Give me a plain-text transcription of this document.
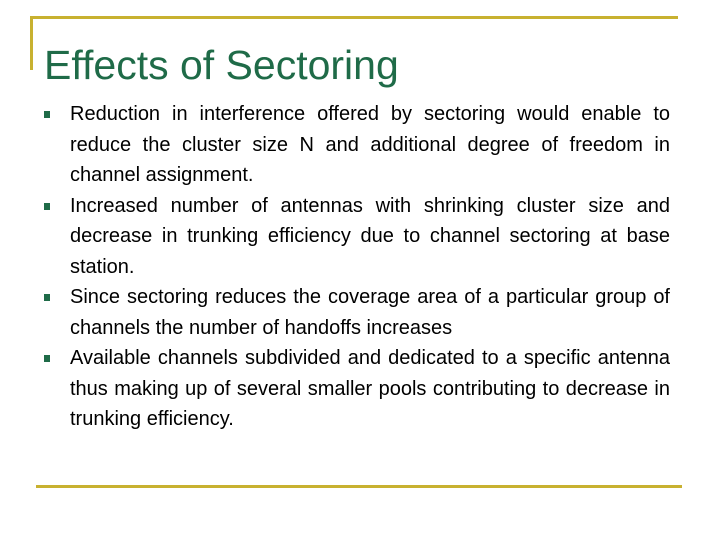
Effects of Sectoring
Reduction in interference offered by sectoring would enable to reduce the cluster size N and additional degree of freedom in channel assignment.
Increased number of antennas with shrinking cluster size and decrease in trunking efficiency due to channel sectoring at base station.
Since sectoring reduces the coverage area of a particular group of channels the number of handoffs increases
Available channels subdivided and dedicated to a specific antenna thus making up of several smaller pools contributing to decrease in trunking efficiency.
